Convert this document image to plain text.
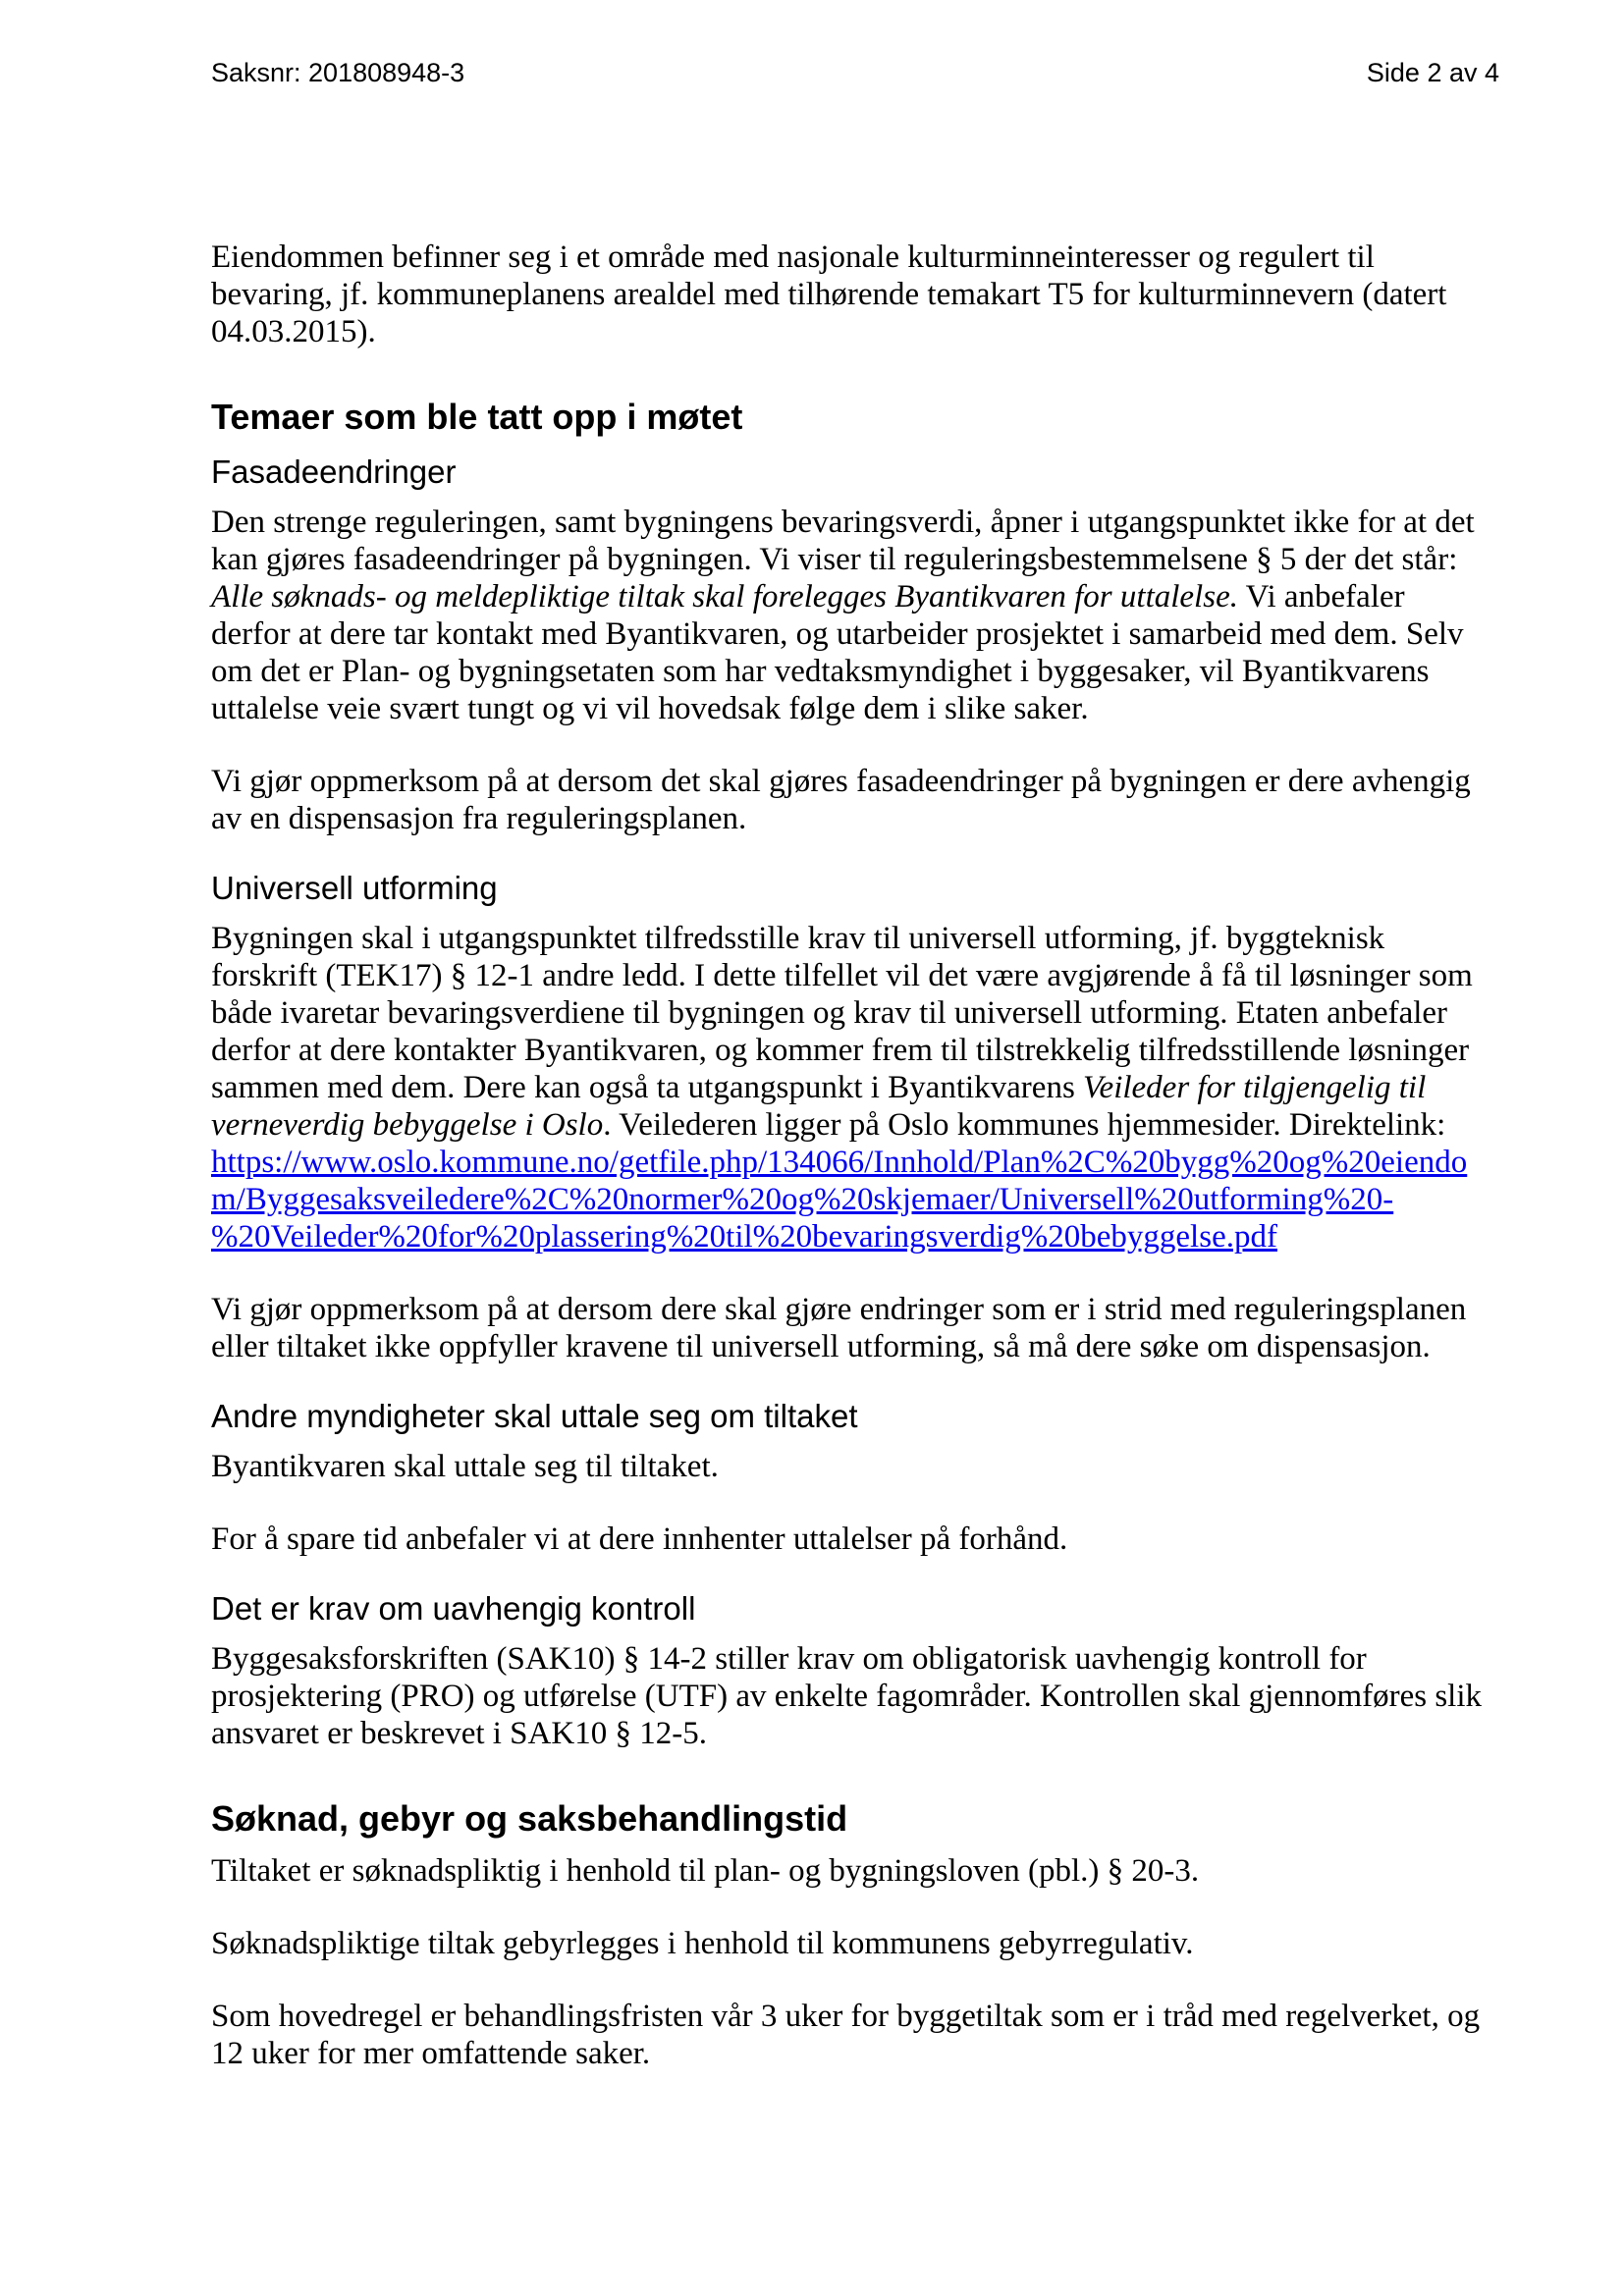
Saksnr: 201808948-3	Side 2 av 4

Eiendommen befinner seg i et område med nasjonale kulturminneinteresser og regulert til bevaring, jf. kommuneplanens arealdel med tilhørende temakart T5 for kulturminnevern (datert 04.03.2015).

Temaer som ble tatt opp i møtet
Fasadeendringer

Den strenge reguleringen, samt bygningens bevaringsverdi, åpner i utgangspunktet ikke for at det kan gjøres fasadeendringer på bygningen. Vi viser til reguleringsbestemmelsene § 5 der det står: Alle søknads- og meldepliktige tiltak skal forelegges Byantikvaren for uttalelse. Vi anbefaler derfor at dere tar kontakt med Byantikvaren, og utarbeider prosjektet i samarbeid med dem. Selv om det er Plan- og bygningsetaten som har vedtaksmyndighet i byggesaker, vil Byantikvarens uttalelse veie svært tungt og vi vil hovedsak følge dem i slike saker.

Vi gjør oppmerksom på at dersom det skal gjøres fasadeendringer på bygningen er dere avhengig av en dispensasjon fra reguleringsplanen.

Universell utforming

Bygningen skal i utgangspunktet tilfredsstille krav til universell utforming, jf. byggteknisk forskrift (TEK17) § 12-1 andre ledd. I dette tilfellet vil det være avgjørende å få til løsninger som både ivaretar bevaringsverdiene til bygningen og krav til universell utforming. Etaten anbefaler derfor at dere kontakter Byantikvaren, og kommer frem til tilstrekkelig tilfredsstillende løsninger sammen med dem. Dere kan også ta utgangspunkt i Byantikvarens Veileder for tilgjengelig til verneverdig bebyggelse i Oslo. Veilederen ligger på Oslo kommunes hjemmesider. Direktelink: https://www.oslo.kommune.no/getfile.php/134066/Innhold/Plan%2C%20bygg%20og%20eiendom/Byggesaksveiledere%2C%20normer%20og%20skjemaer/Universell%20utforming%20-%20Veileder%20for%20plassering%20til%20bevaringsverdig%20bebyggelse.pdf

Vi gjør oppmerksom på at dersom dere skal gjøre endringer som er i strid med reguleringsplanen eller tiltaket ikke oppfyller kravene til universell utforming, så må dere søke om dispensasjon.

Andre myndigheter skal uttale seg om tiltaket

Byantikvaren skal uttale seg til tiltaket.

For å spare tid anbefaler vi at dere innhenter uttalelser på forhånd.

Det er krav om uavhengig kontroll

Byggesaksforskriften (SAK10) § 14-2 stiller krav om obligatorisk uavhengig kontroll for prosjektering (PRO) og utførelse (UTF) av enkelte fagområder. Kontrollen skal gjennomføres slik ansvaret er beskrevet i SAK10 § 12-5.

Søknad, gebyr og saksbehandlingstid

Tiltaket er søknadspliktig i henhold til plan- og bygningsloven (pbl.) § 20-3.

Søknadspliktige tiltak gebyrlegges i henhold til kommunens gebyrregulativ.

Som hovedregel er behandlingsfristen vår 3 uker for byggetiltak som er i tråd med regelverket, og 12 uker for mer omfattende saker.
